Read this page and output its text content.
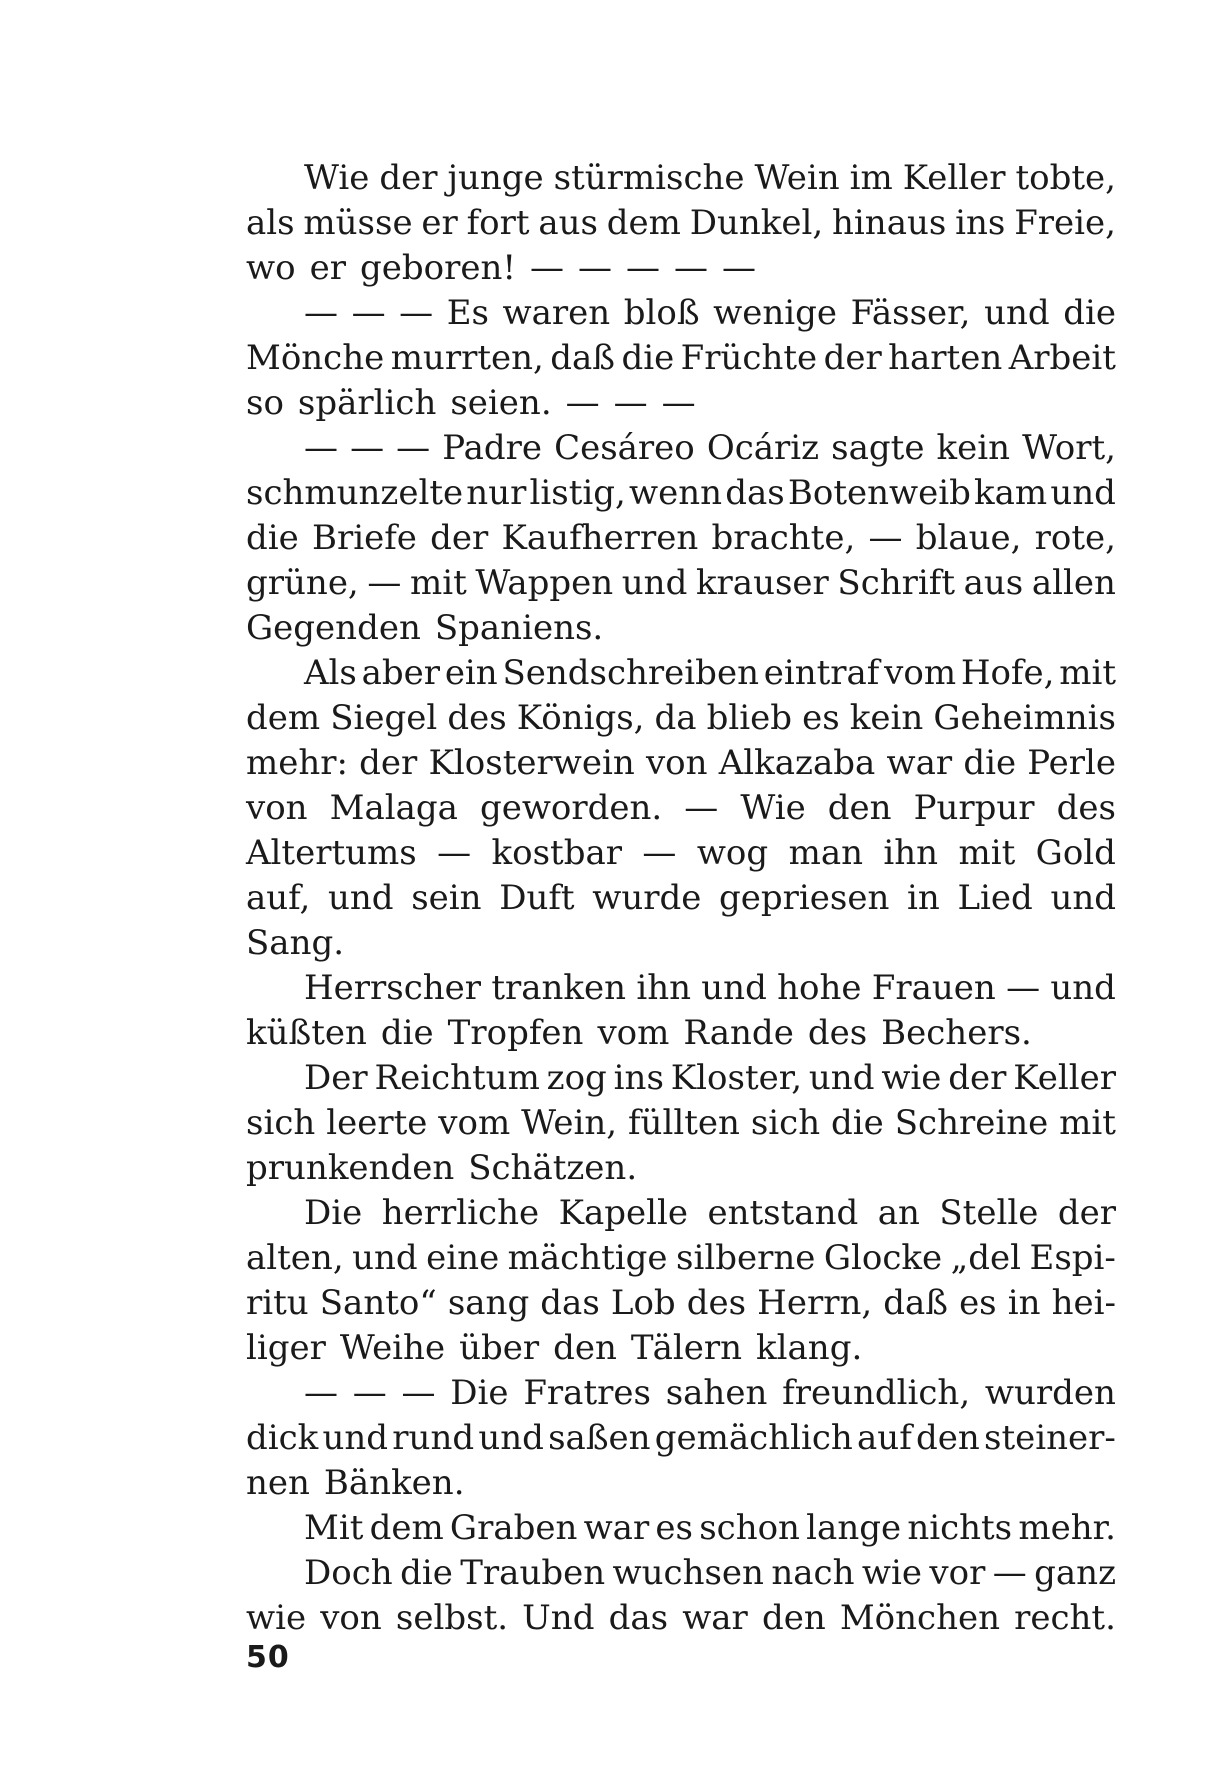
Wie der junge stürmische Wein im Keller tobte,
als müsse er fort aus dem Dunkel, hinaus ins Freie,
wo er geboren! — — — — —
— — — Es waren bloß wenige Fässer, und die
Mönche murrten, daß die Früchte der harten Arbeit
so spärlich seien. — — —
— — — Padre Cesáreo Ocáriz sagte kein Wort,
schmunzelte nur listig, wenn das Botenweib kam und
die Briefe der Kaufherren brachte, — blaue, rote,
grüne, — mit Wappen und krauser Schrift aus allen
Gegenden Spaniens.
Als aber ein Sendschreiben eintraf vom Hofe, mit
dem Siegel des Königs, da blieb es kein Geheimnis
mehr: der Klosterwein von Alkazaba war die Perle
von Malaga geworden. — Wie den Purpur des
Altertums — kostbar — wog man ihn mit Gold
auf, und sein Duft wurde gepriesen in Lied und
Sang.
Herrscher tranken ihn und hohe Frauen — und
küßten die Tropfen vom Rande des Bechers.
Der Reichtum zog ins Kloster, und wie der Keller
sich leerte vom Wein, füllten sich die Schreine mit
prunkenden Schätzen.
Die herrliche Kapelle entstand an Stelle der
alten, und eine mächtige silberne Glocke „del Espi-
ritu Santo“ sang das Lob des Herrn, daß es in hei-
liger Weihe über den Tälern klang.
— — — Die Fratres sahen freundlich, wurden
dick und rund und saßen gemächlich auf den steiner-
nen Bänken.
Mit dem Graben war es schon lange nichts mehr.
Doch die Trauben wuchsen nach wie vor — ganz
wie von selbst. Und das war den Mönchen recht.
50
